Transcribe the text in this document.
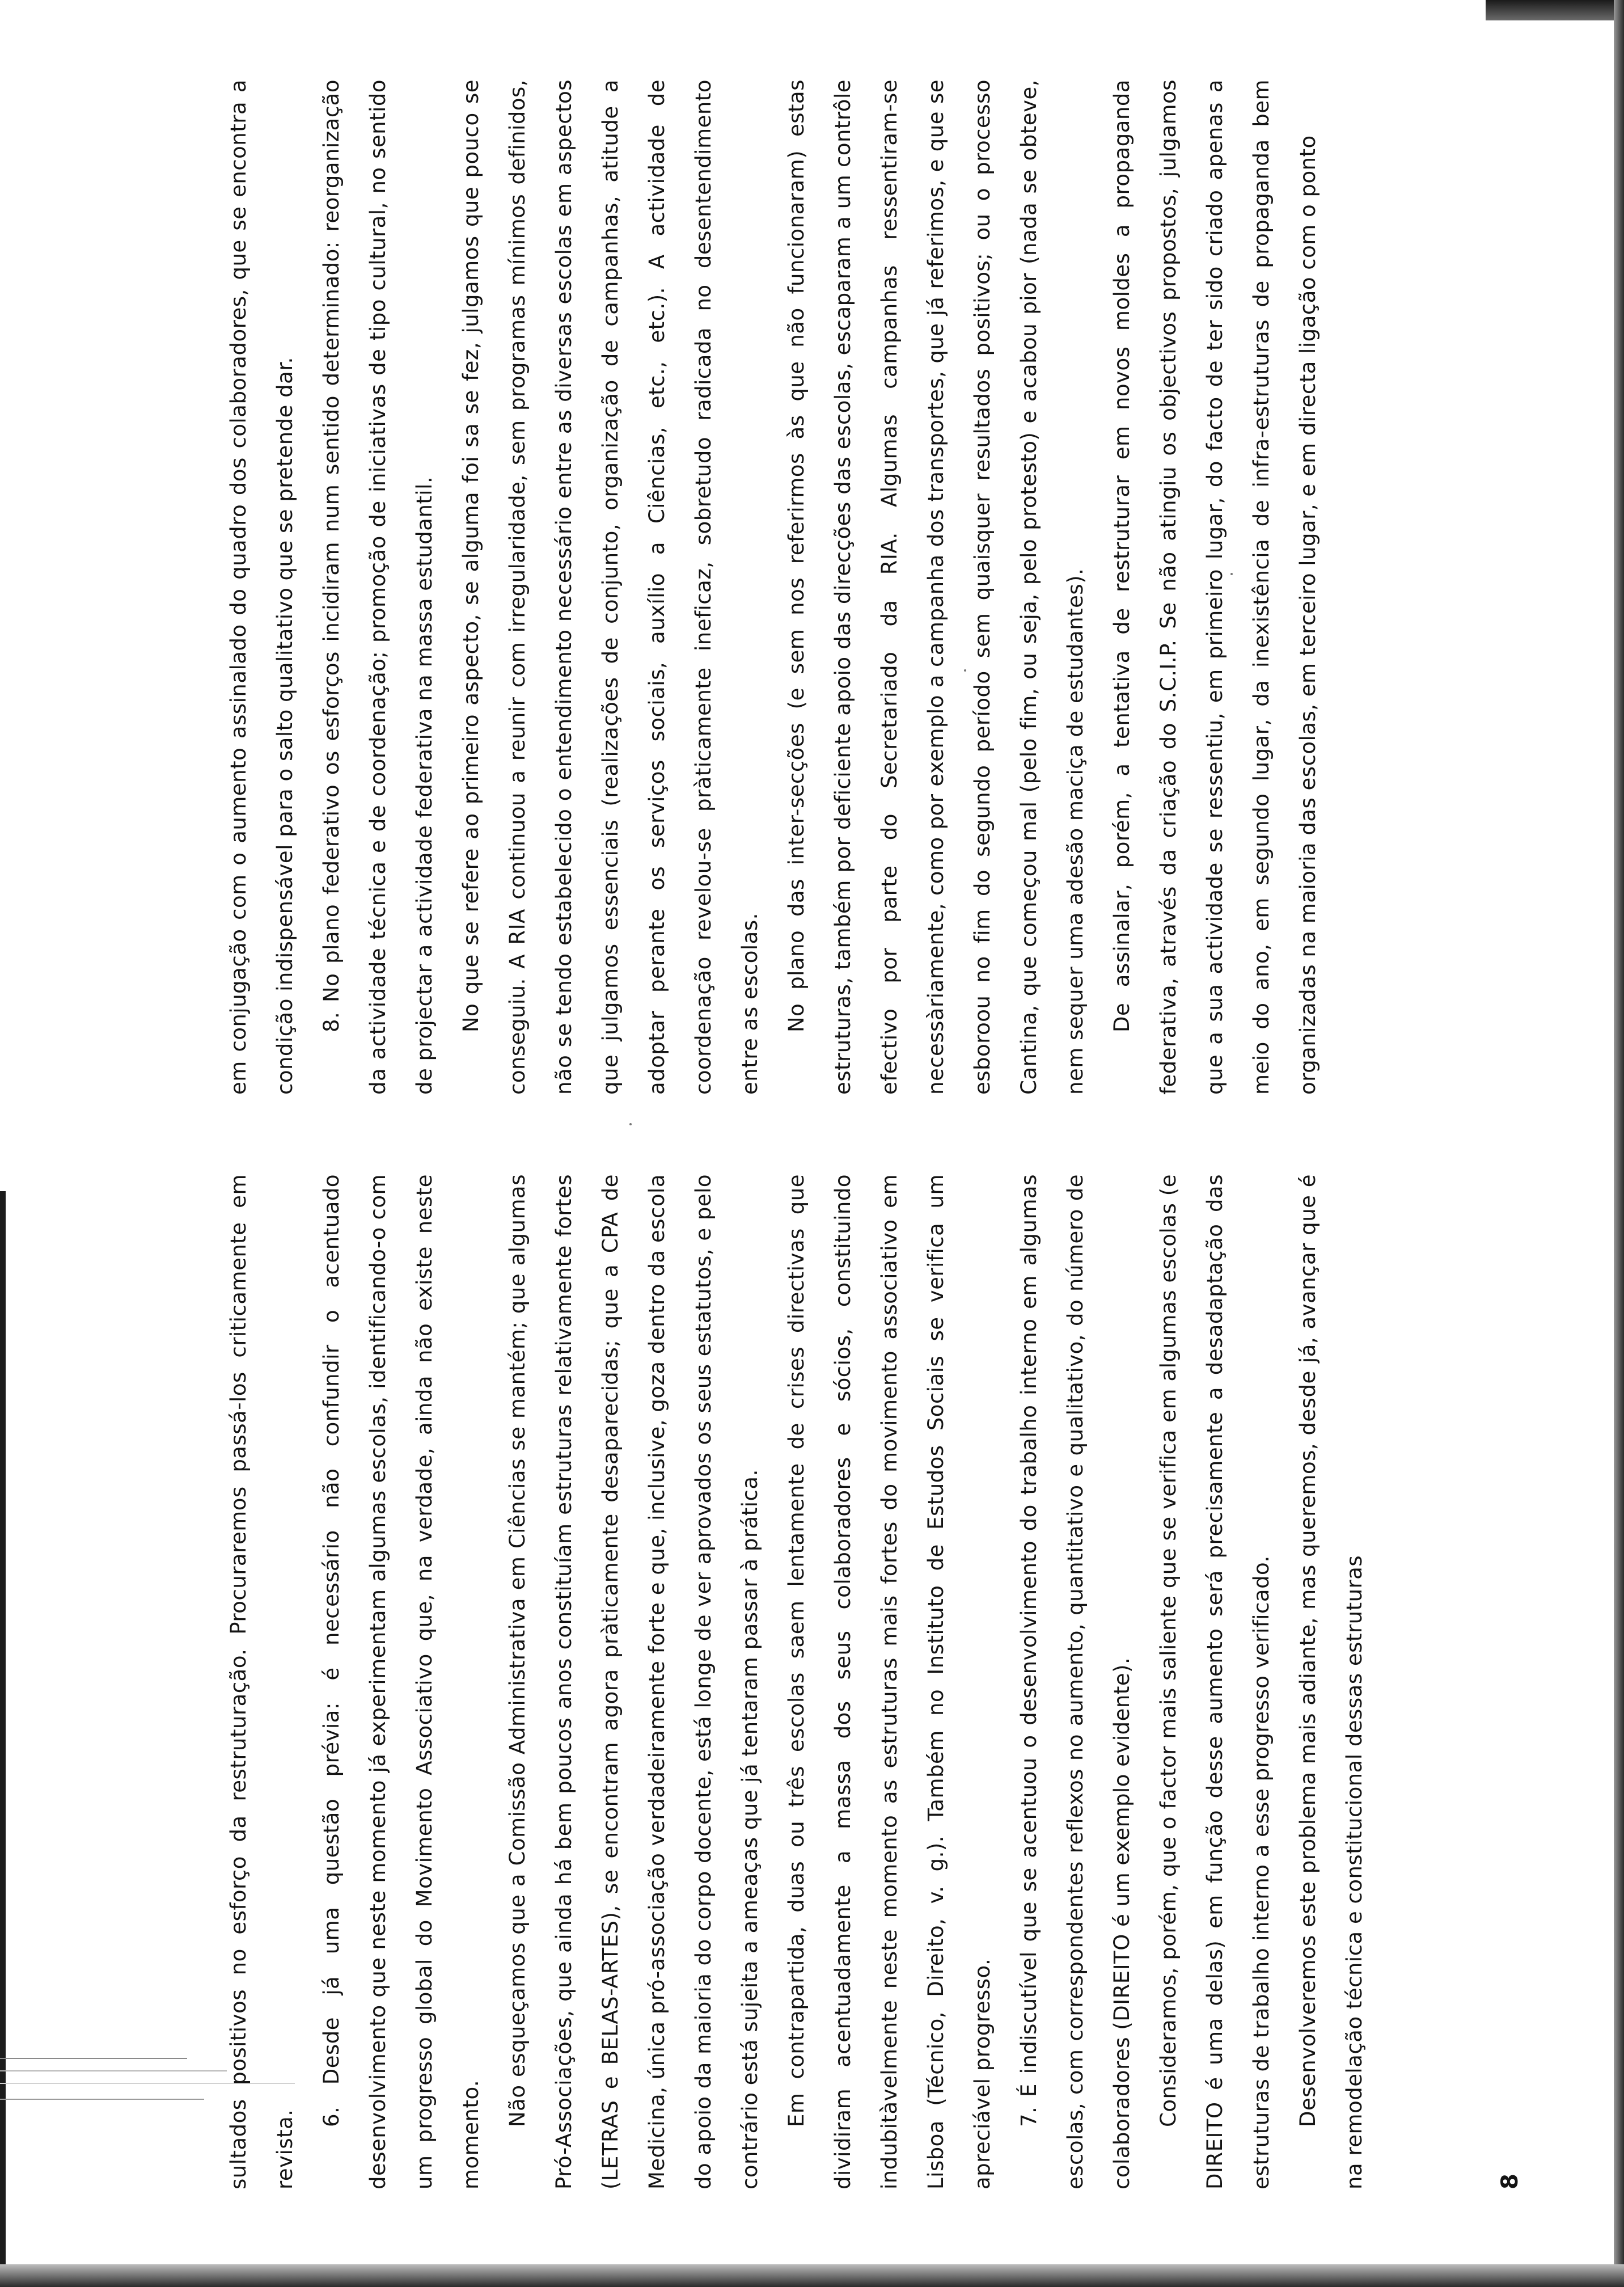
sultados positivos no esforço da restruturação. Procuraremos passá-los criticamente em revista.

6. Desde já uma questão prévia: é necessário não confundir o acentuado desenvolvimento que neste momento já experimentam algumas escolas, identificando-o com um progresso global do Movimento Associativo que, na verdade, ainda não existe neste momento.

Não esqueçamos que a Comissão Administrativa em Ciências se mantém; que algumas Pró-Associações, que ainda há bem poucos anos constituíam estruturas relativamente fortes (LETRAS e BELAS-ARTES), se encontram agora pràticamente desaparecidas; que a CPA de Medicina, única pró-associação verdadeiramente forte e que, inclusive, goza dentro da escola do apoio da maioria do corpo docente, está longe de ver aprovados os seus estatutos, e pelo contrário está sujeita a ameaças que já tentaram passar à prática.	Em contrapartida, duas ou três escolas saem lentamente de crises directivas que dividiram acentuadamente a massa dos seus colaboradores e sócios, constituindo indubitàvelmente neste momento as estruturas mais fortes do movimento associativo em Lisboa (Técnico, Direito, v. g.). Também no Instituto de Estudos Sociais se verifica um apreciável progresso.	7. É indiscutível que se acentuou o desenvolvimento do trabalho interno em algumas escolas, com correspondentes reflexos no aumento, quantitativo e qualitativo, do número de colaboradores (DIREITO é um exemplo evidente).	Consideramos, porém, que o factor mais saliente que se verifica em algumas escolas (e DIREITO é uma delas) em função desse aumento será precisamente a desadaptação das estruturas de trabalho interno a esse progresso verificado.	Desenvolveremos este problema mais adiante, mas queremos, desde já, avançar que é na remodelação técnica e constitucional dessas estruturas

em conjugação com o aumento assinalado do quadro dos colaboradores, que se encontra a condição indispensável para o salto qualitativo que se pretende dar.	8. No plano federativo os esforços incidiram num sentido determinado: reorganização da actividade técnica e de coordenação; promoção de iniciativas de tipo cultural, no sentido de projectar a actividade federativa na massa estudantil.	No que se refere ao primeiro aspecto, se alguma foi sa se fez, julgamos que pouco se conseguiu. A RIA continuou a reunir com irregularidade, sem programas mínimos definidos, não se tendo estabelecido o entendimento necessário entre as diversas escolas em aspectos que julgamos essenciais (realizações de conjunto, organização de campanhas, atitude a adoptar perante os serviços sociais, auxílio a Ciências, etc., etc.). A actividade de coordenação revelou-se pràticamente ineficaz, sobretudo radicada no desentendimento entre as escolas.	No plano das inter-secções (e sem nos referirmos às que não funcionaram) estas estruturas, também por deficiente apoio das direcções das escolas, escaparam a um contrôle efectivo por parte do Secretariado da RIA. Algumas campanhas ressentiram-se necessàriamente, como por exemplo a campanha dos transportes, que já referimos, e que se esboroou no fim do segundo período sem quaisquer resultados positivos; ou o processo Cantina, que começou mal (pelo fim, ou seja, pelo protesto) e acabou pior (nada se obteve, nem sequer uma adesão maciça de estudantes).	De assinalar, porém, a tentativa de restruturar em novos moldes a propaganda federativa, através da criação do S.C.I.P. Se não atingiu os objectivos propostos, julgamos que a sua actividade se ressentiu, em primeiro lugar, do facto de ter sido criado apenas a meio do ano, em segundo lugar, da inexistência de infra-estruturas de propaganda bem organizadas na maioria das escolas, em terceiro lugar, e em directa ligação com o ponto

8
